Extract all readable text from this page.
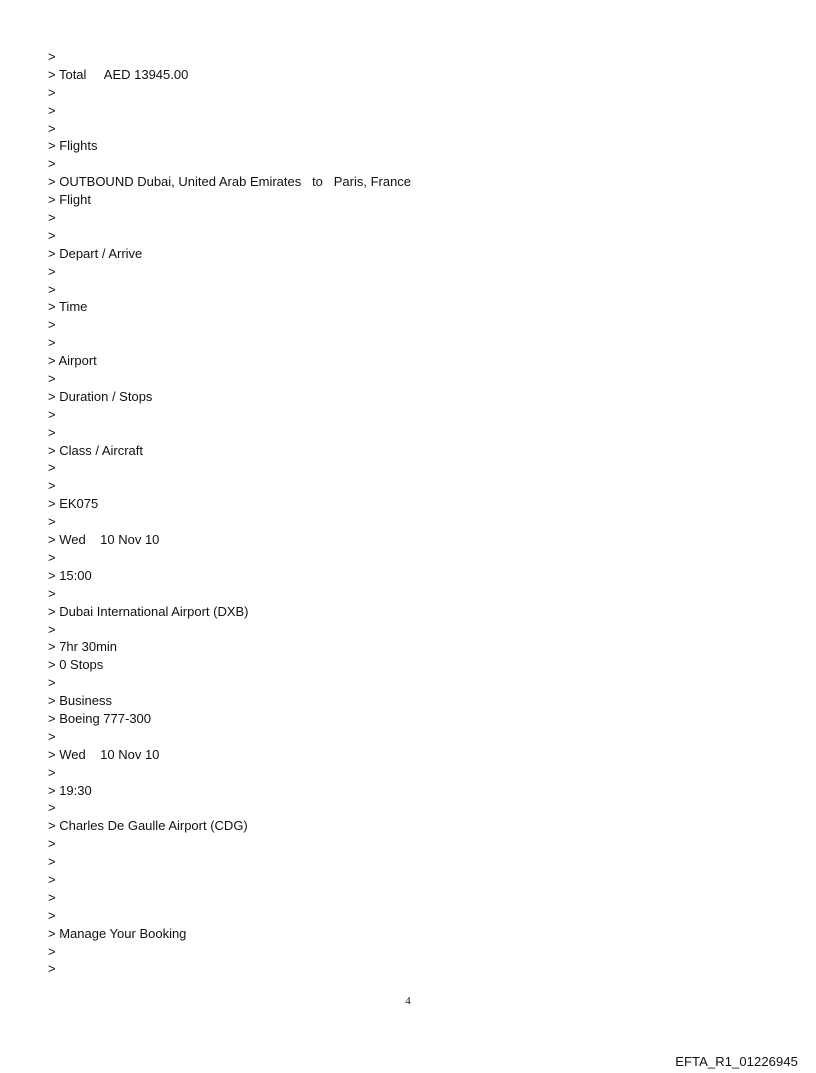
>
> Total     AED 13945.00
>
>
>
> Flights
>
> OUTBOUND Dubai, United Arab Emirates   to   Paris, France
> Flight
>
>
> Depart / Arrive
>
>
> Time
>
>
> Airport
>
> Duration / Stops
>
>
> Class / Aircraft
>
>
> EK075
>
> Wed    10 Nov 10
>
> 15:00
>
> Dubai International Airport (DXB)
>
> 7hr 30min
> 0 Stops
>
> Business
> Boeing 777-300
>
> Wed    10 Nov 10
>
> 19:30
>
> Charles De Gaulle Airport (CDG)
>
>
>
>
>
> Manage Your Booking
>
>
4
EFTA_R1_01226945
